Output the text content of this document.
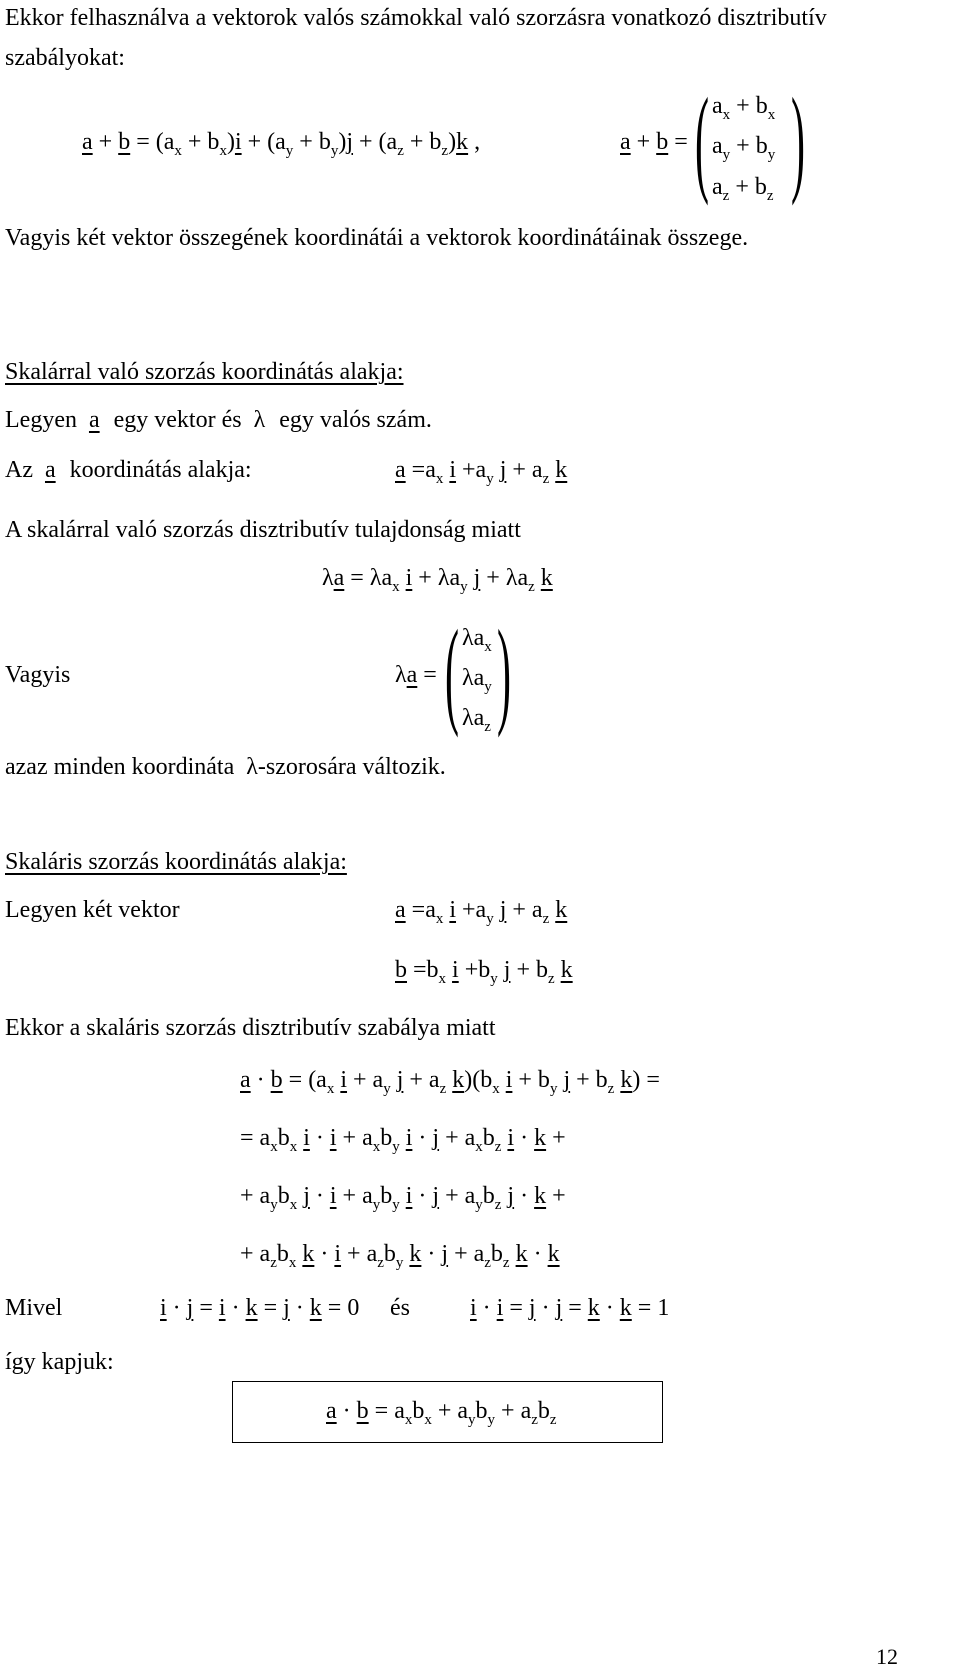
Ekkor felhasználva a vektorok valós számokkal való szorzásra vonatkozó disztributív
szabályokat:
$a + b = (a_x + b_x)i + (a_y + b_y)j + (a_z + b_z)k$ ,	a + b = ( $a_x + b_x$
$a_y + b_y$
$a_z + b_z$ )
Vagyis két vektor összegének koordinátái a vektorok koordinátáinak összege.
Skalárral való szorzás koordinátás alakja:
Legyen a egy vektor és λ egy valós szám.
Az a koordinátás alakja:	$a =a_x$ $i +a_y$ $j + a_z$ k
A skalárral való szorzás disztributív tulajdonság miatt
$\lambda a = \lambda a_x$ $i + \lambda a_y$ $j + \lambda a_z$ k
Vagyis	λa = ( $\lambda a_x$
$\lambda a_y$
$\lambda a_z$ )
azaz minden koordináta λ-szorosára változik.
Skaláris szorzás koordinátás alakja:
Legyen két vektor	$a =a_x$ $i +a_y$ $j + a_z$ k
$b =b_x$ $i +b_y$ $j + b_z$ k
Ekkor a skaláris szorzás disztributív szabálya miatt
$a \cdot b = (a_x$ $i + a_y$ $j + a_z$ $k)(b_x$ $i + b_y$ $j + b_z$ k) =
= $a_xb_x$ $i \cdot i + a_xb_y$ $i \cdot j + a_xb_z$ i · k +
+ $a_yb_x$ $j \cdot i + a_yb_y$ $i \cdot j + a_yb_z$ j · k +
+ $a_zb_x$ $k \cdot i + a_zb_y$ $k \cdot j + a_zb_z$ k · k
Mivel	i · j = i · k = j · k = 0 és	i · i = j · j = k · k = 1
így kapjuk:
$a \cdot b = a_xb_x + a_yb_y + a_zb_z$
12
